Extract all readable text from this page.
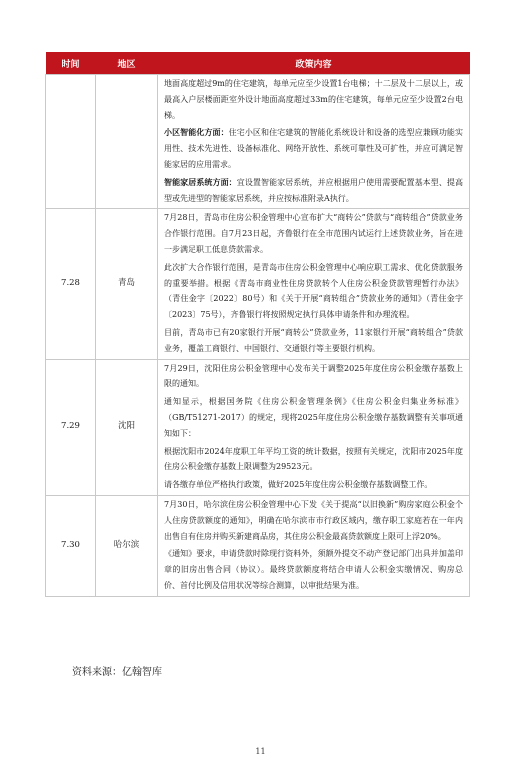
时间	地区	政策内容

		地面高度超过9m的住宅建筑，每单元应至少设置1台电梯；十二层及十二层以上，或最高入户层楼面距室外设计地面高度超过33m的住宅建筑，每单元应至少设置2台电梯。

小区智能化方面：住宅小区和住宅建筑的智能化系统设计和设备的选型应兼顾功能实用性、技术先进性、设备标准化、网络开放性、系统可靠性及可扩性，并应可满足智能家居的应用需求。

智能家居系统方面：宜设置智能家居系统，并应根据用户使用需要配置基本型、提高型或先进型的智能家居系统，并应按标准附录A执行。

7.28	青岛	7月28日，青岛市住房公积金管理中心宣布扩大“商转公”贷款与“商转组合”贷款业务合作银行范围。自7月23日起，齐鲁银行在全市范围内试运行上述贷款业务，旨在进一步满足职工低息贷款需求。

此次扩大合作银行范围，是青岛市住房公积金管理中心响应职工需求、优化贷款服务的重要举措。根据《青岛市商业性住房贷款转个人住房公积金贷款管理暂行办法》（青住金字〔2022〕80号）和《关于开展“商转组合”贷款业务的通知》（青住金字〔2023〕75号），齐鲁银行将按照规定执行具体申请条件和办理流程。

目前，青岛市已有20家银行开展“商转公”贷款业务，11家银行开展“商转组合”贷款业务，覆盖工商银行、中国银行、交通银行等主要银行机构。

7.29	沈阳	7月29日，沈阳住房公积金管理中心发布关于调整2025年度住房公积金缴存基数上限的通知。

通知显示，根据国务院《住房公积金管理条例》《住房公积金归集业务标准》（GB/T51271-2017）的规定，现将2025年度住房公积金缴存基数调整有关事项通知如下：

根据沈阳市2024年度职工年平均工资的统计数据，按照有关规定，沈阳市2025年度住房公积金缴存基数上限调整为29523元。

请各缴存单位严格执行政策，做好2025年度住房公积金缴存基数调整工作。

7.30	哈尔滨	7月30日，哈尔滨住房公积金管理中心下发《关于提高“以旧换新”购房家庭公积金个人住房贷款额度的通知》，明确在哈尔滨市市行政区域内，缴存职工家庭若在一年内出售自有住房并购买新建商品房，其住房公积金最高贷款额度上限可上浮20%。

《通知》要求，申请贷款时除现行资料外，须额外提交不动产登记部门出具并加盖印章的旧房出售合同（协议）。最终贷款额度将结合申请人公积金实缴情况、购房总价、首付比例及信用状况等综合测算，以审批结果为准。

资料来源：亿翰智库
11
